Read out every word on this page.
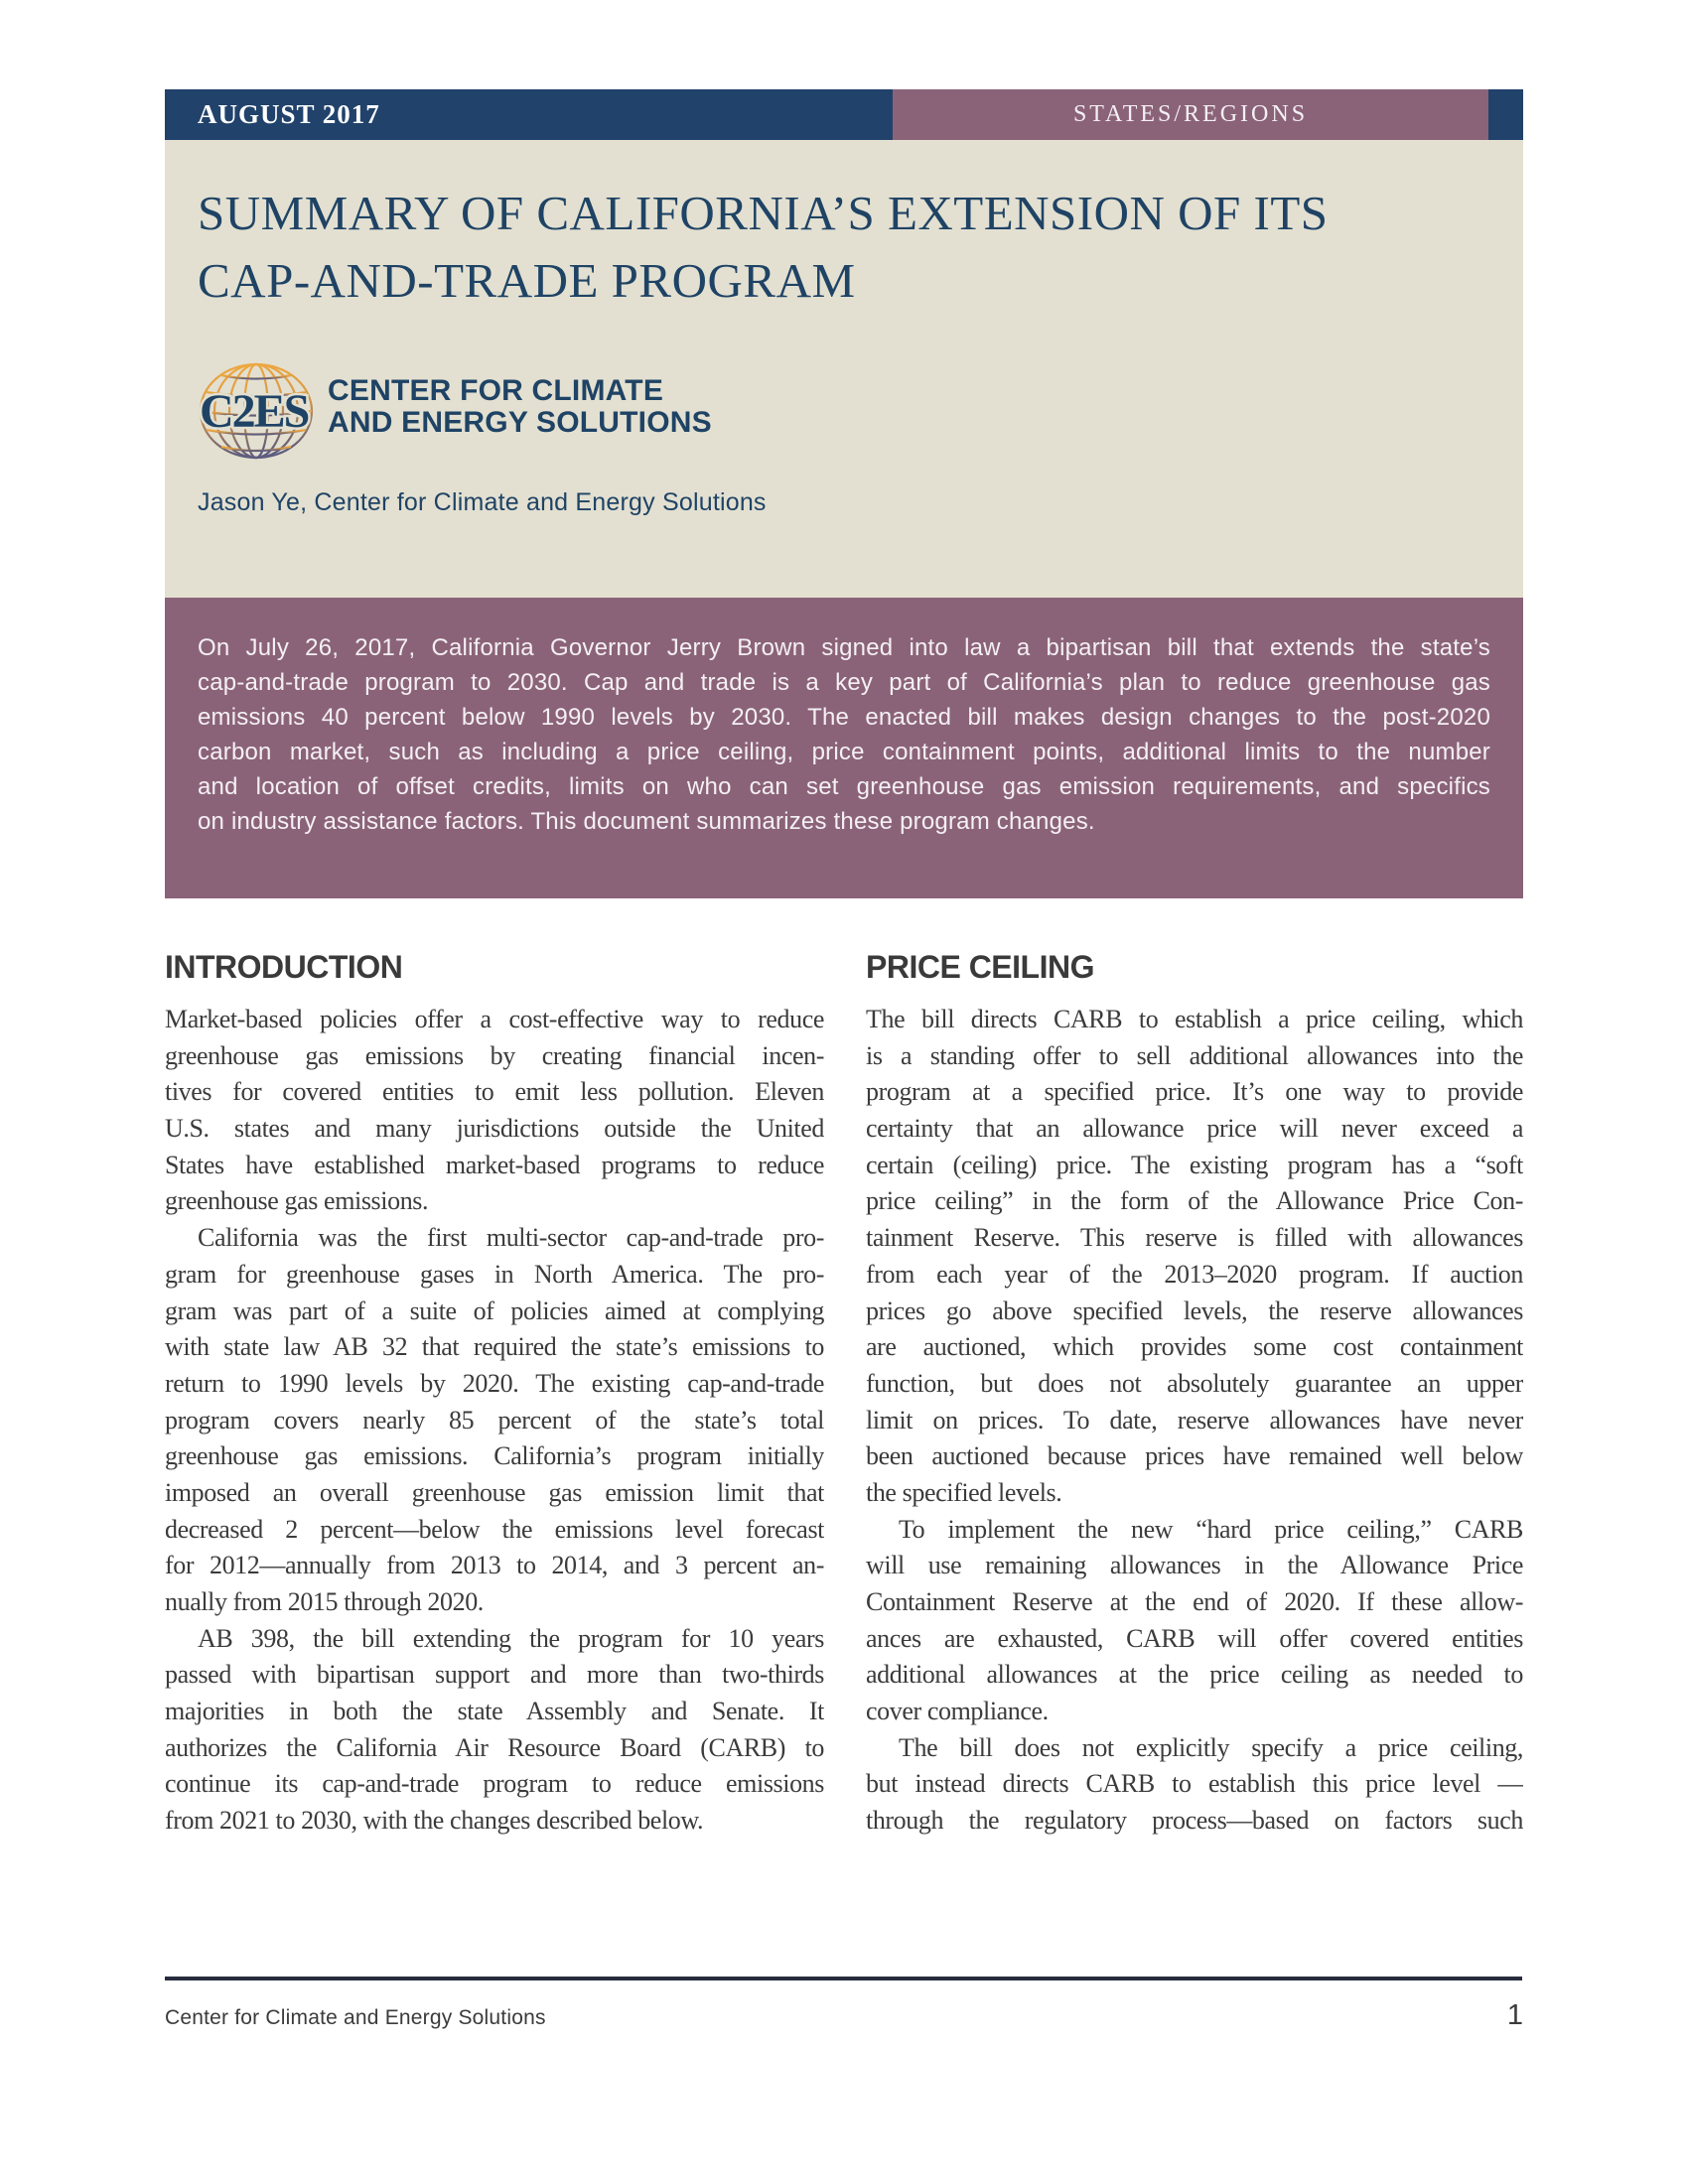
AUGUST 2017	STATES/REGIONS
SUMMARY OF CALIFORNIA’S EXTENSION OF ITS
CAP-AND-TRADE PROGRAM
C2ES CENTER FOR CLIMATE
AND ENERGY SOLUTIONS
Jason Ye, Center for Climate and Energy Solutions
On July 26, 2017, California Governor Jerry Brown signed into law a bipartisan bill that extends the state’s
cap-and-trade program to 2030. Cap and trade is a key part of California’s plan to reduce greenhouse gas
emissions 40 percent below 1990 levels by 2030. The enacted bill makes design changes to the post-2020
carbon market, such as including a price ceiling, price containment points, additional limits to the number
and location of offset credits, limits on who can set greenhouse gas emission requirements, and specifics
on industry assistance factors. This document summarizes these program changes.
INTRODUCTION
Market-based policies offer a cost-effective way to reduce
greenhouse gas emissions by creating financial incen-
tives for covered entities to emit less pollution. Eleven
U.S. states and many jurisdictions outside the United
States have established market-based programs to reduce
greenhouse gas emissions.
California was the first multi-sector cap-and-trade pro-
gram for greenhouse gases in North America. The pro-
gram was part of a suite of policies aimed at complying
with state law AB 32 that required the state’s emissions to
return to 1990 levels by 2020. The existing cap-and-trade
program covers nearly 85 percent of the state’s total
greenhouse gas emissions. California’s program initially
imposed an overall greenhouse gas emission limit that
decreased 2 percent—below the emissions level forecast
for 2012—annually from 2013 to 2014, and 3 percent an-
nually from 2015 through 2020.
AB 398, the bill extending the program for 10 years
passed with bipartisan support and more than two-thirds
majorities in both the state Assembly and Senate. It
authorizes the California Air Resource Board (CARB) to
continue its cap-and-trade program to reduce emissions
from 2021 to 2030, with the changes described below.
PRICE CEILING
The bill directs CARB to establish a price ceiling, which
is a standing offer to sell additional allowances into the
program at a specified price. It’s one way to provide
certainty that an allowance price will never exceed a
certain (ceiling) price. The existing program has a “soft
price ceiling” in the form of the Allowance Price Con-
tainment Reserve. This reserve is filled with allowances
from each year of the 2013–2020 program. If auction
prices go above specified levels, the reserve allowances
are auctioned, which provides some cost containment
function, but does not absolutely guarantee an upper
limit on prices. To date, reserve allowances have never
been auctioned because prices have remained well below
the specified levels.
To implement the new “hard price ceiling,” CARB
will use remaining allowances in the Allowance Price
Containment Reserve at the end of 2020. If these allow-
ances are exhausted, CARB will offer covered entities
additional allowances at the price ceiling as needed to
cover compliance.
The bill does not explicitly specify a price ceiling,
but instead directs CARB to establish this price level —
through the regulatory process—based on factors such
Center for Climate and Energy Solutions	1
